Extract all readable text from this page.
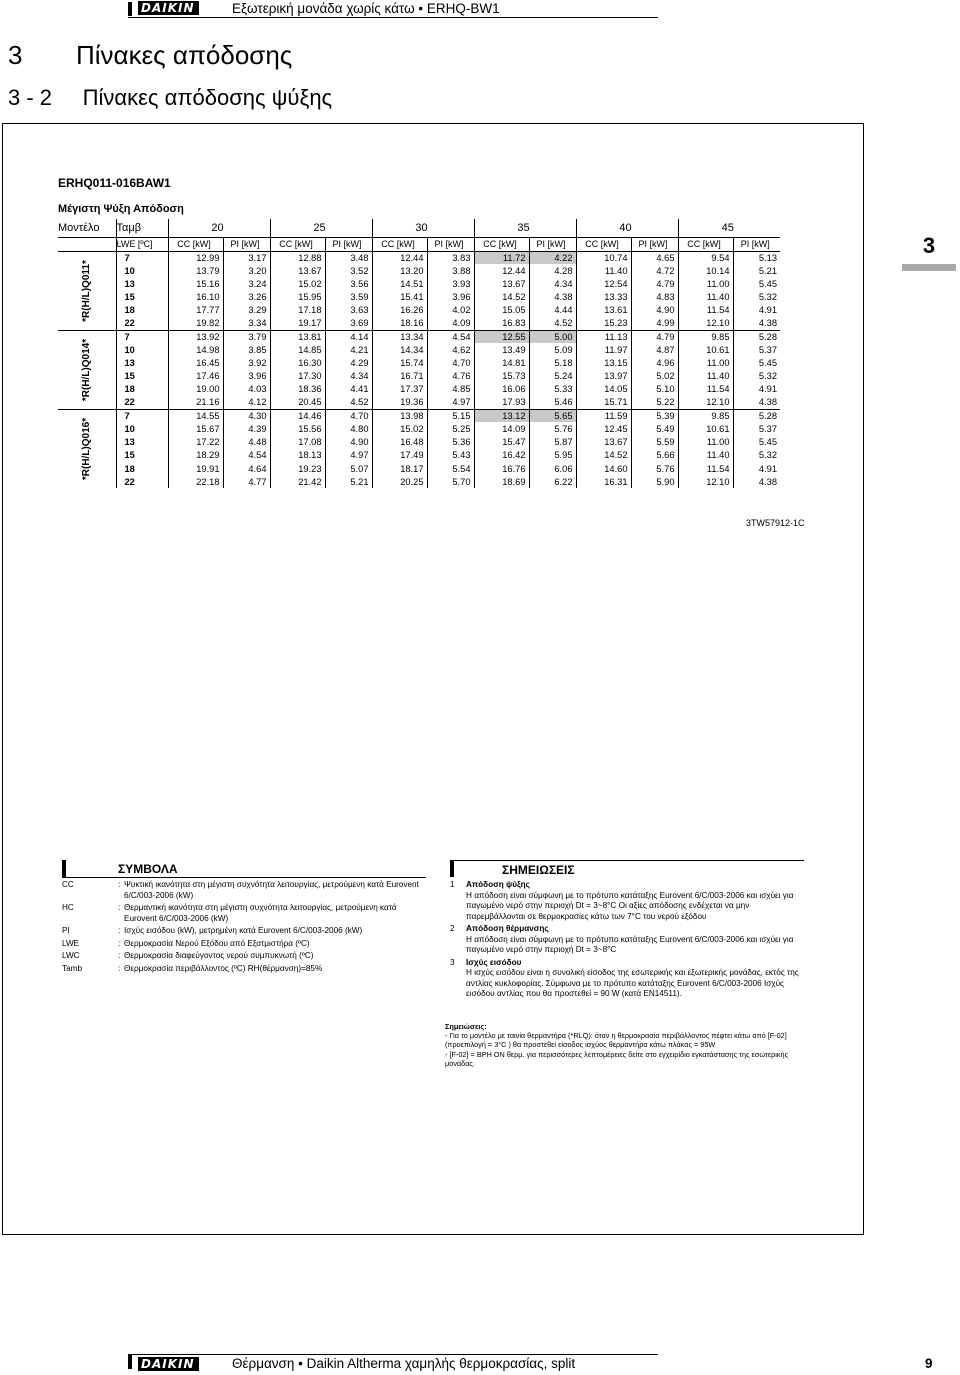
DAIKIN	Εξωτερική μονάδα χωρίς κάτω • ERHQ-BW1
3 Πίνακες απόδοσης
3 - 2 Πίνακες απόδοσης ψύξης
3
ERHQ011-016BAW1
Μέγιστη Ψύξη Απόδοση
Μοντέλο	Ταμβ	20		25		30		35		40		45	
	LWE [ºC]	CC [kW]	PI [kW]	CC [kW]	PI [kW]	CC [kW]	PI [kW]	CC [kW]	PI [kW]	CC [kW]	PI [kW]	CC [kW]	PI [kW]

*R(H/L)Q011*	7	12.99	3.17	12.88	3.48	12.44	3.83	11.72	4.22	10.74	4.65	9.54	5.13
	10	13.79	3.20	13.67	3.52	13.20	3.88	12.44	4.28	11.40	4.72	10.14	5.21
	13	15.16	3.24	15.02	3.56	14.51	3.93	13.67	4.34	12.54	4.79	11.00	5.45
	15	16.10	3.26	15.95	3.59	15.41	3.96	14.52	4.38	13.33	4.83	11.40	5.32
	18	17.77	3.29	17.18	3.63	16.26	4.02	15.05	4.44	13.61	4.90	11.54	4.91
	22	19.82	3.34	19.17	3.69	18.16	4.09	16.83	4.52	15.23	4.99	12.10	4.38

*R(H/L)Q014*	7	13.92	3.79	13.81	4.14	13.34	4.54	12.55	5.00	11.13	4.79	9.85	5.28
	10	14.98	3.85	14.85	4.21	14.34	4.62	13.49	5.09	11.97	4.87	10.61	5.37
	13	16.45	3.92	16.30	4.29	15.74	4.70	14.81	5.18	13.15	4.96	11.00	5.45
	15	17.46	3.96	17.30	4.34	16.71	4.76	15.73	5.24	13.97	5.02	11.40	5.32
	18	19.00	4.03	18.36	4.41	17.37	4.85	16.06	5.33	14.05	5.10	11.54	4.91
	22	21.16	4.12	20.45	4.52	19.36	4.97	17.93	5.46	15.71	5.22	12.10	4.38

*R(H/L)Q016*	7	14.55	4.30	14.46	4.70	13.98	5.15	13.12	5.65	11.59	5.39	9.85	5.28
	10	15.67	4.39	15.56	4.80	15.02	5.25	14.09	5.76	12.45	5.49	10.61	5.37
	13	17.22	4.48	17.08	4.90	16.48	5.36	15.47	5.87	13.67	5.59	11.00	5.45
	15	18.29	4.54	18.13	4.97	17.49	5.43	16.42	5.95	14.52	5.66	11.40	5.32
	18	19.91	4.64	19.23	5.07	18.17	5.54	16.76	6.06	14.60	5.76	11.54	4.91
	22	22.18	4.77	21.42	5.21	20.25	5.70	18.69	6.22	16.31	5.90	12.10	4.38
3TW57912-1C
ΣΥΜΒΟΛΑ
CC	: Ψυκτική ικανότητα στη μέγιστη συχνότητα λειτουργίας, μετρούμενη κατά Eurovent 6/C/003-2006 (kW)
HC	: Θερμαντική ικανότητα στη μέγιστη συχνότητα λειτουργίας, μετρούμενη κατά Eurovent 6/C/003-2006 (kW)
PI	: Ισχύς εισόδου (kW), μετρημένη κατά Eurovent 6/C/003-2006 (kW)
LWE	: Θερμοκρασία Νερού Εξόδου από Εξατμιστήρα (ºC)
LWC	: Θερμοκρασία διαφεύγοντος νερού συμπυκνωτή (ºC)
Tamb	: Θερμοκρασία περιβάλλοντος (ºC) RH(θέρμανση)=85%
ΣΗΜΕΙΩΣΕΙΣ
1 Απόδοση ψύξης
Η απόδοση είναι σύμφωνη με το πρότυπο κατάταξης Eurovent 6/C/003-2006 και ισχύει για παγωμένο νερό στην περιοχή Dt = 3~8°C Οι αξίες απόδοσης ενδέχεται να μην παρεμβάλλονται σε θερμοκρασίες κάτω των 7°C του νερού εξόδου
2 Απόδοση θέρμανσης
Η απόδοση είναι σύμφωνη με το πρότυπο κατάταξης Eurovent 6/C/003-2006 και ισχύει για παγωμένο νερό στην περιοχή Dt = 3~8°C
3 Ισχύς εισόδου
Η ισχύς εισόδου είναι η συνολική είσοδος της εσωτερικής και εξωτερικής μονάδας, εκτός της αντλίας κυκλοφορίας. Σύμφωνα με το πρότυπο κατάταξης Eurovent 6/C/003-2006 Ισχύς εισόδου αντλίας που θα προστεθεί = 90 W (κατά EN14511).
Σημειώσεις:
- Για το μοντέλο με ταινία θερμαντήρα (*RLQ): όταν η θερμοκρασία περιβάλλοντος πέφτει κάτω από [F-02] (προεπιλογή = 3°C ) θα προστεθεί είσοδος ισχύος θερμαντήρα κάτω πλάκας = 95W
- [F-02] = BPH ON θερμ. για περισσότερες λεπτομέρειες δείτε στο εγχειρίδιο εγκατάστασης της εσωτερικής μονάδας.
DAIKIN	Θέρμανση • Daikin Altherma χαμηλής θερμοκρασίας, split	9
